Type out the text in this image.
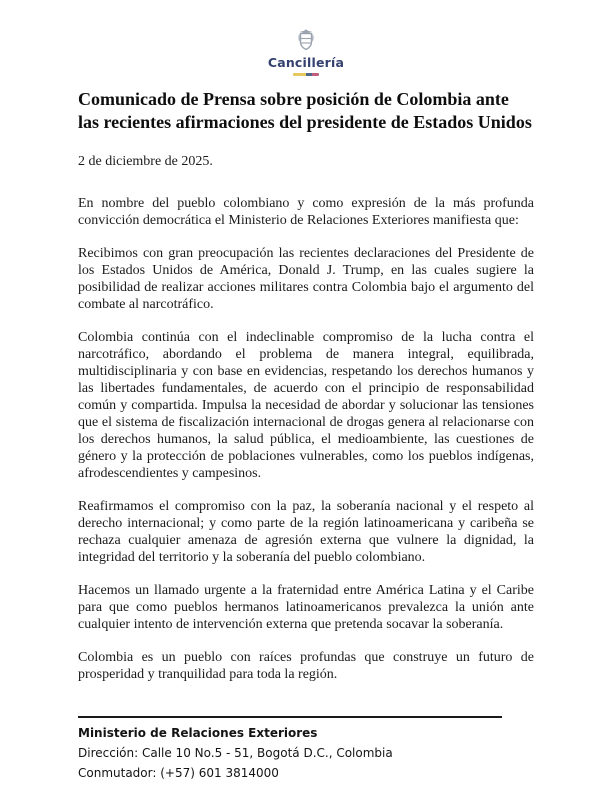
Cancillería
Comunicado de Prensa sobre posición de Colombia ante las recientes afirmaciones del presidente de Estados Unidos

2 de diciembre de 2025.

En nombre del pueblo colombiano y como expresión de la más profunda convicción democrática el Ministerio de Relaciones Exteriores manifiesta que:

Recibimos con gran preocupación las recientes declaraciones del Presidente de los Estados Unidos de América, Donald J. Trump, en las cuales sugiere la posibilidad de realizar acciones militares contra Colombia bajo el argumento del combate al narcotráfico.

Colombia continúa con el indeclinable compromiso de la lucha contra el narcotráfico, abordando el problema de manera integral, equilibrada, multidisciplinaria y con base en evidencias, respetando los derechos humanos y las libertades fundamentales, de acuerdo con el principio de responsabilidad común y compartida. Impulsa la necesidad de abordar y solucionar las tensiones que el sistema de fiscalización internacional de drogas genera al relacionarse con los derechos humanos, la salud pública, el medioambiente, las cuestiones de género y la protección de poblaciones vulnerables, como los pueblos indígenas, afrodescendientes y campesinos.

Reafirmamos el compromiso con la paz, la soberanía nacional y el respeto al derecho internacional; y como parte de la región latinoamericana y caribeña se rechaza cualquier amenaza de agresión externa que vulnere la dignidad, la integridad del territorio y la soberanía del pueblo colombiano.

Hacemos un llamado urgente a la fraternidad entre América Latina y el Caribe para que como pueblos hermanos latinoamericanos prevalezca la unión ante cualquier intento de intervención externa que pretenda socavar la soberanía.

Colombia es un pueblo con raíces profundas que construye un futuro de prosperidad y tranquilidad para toda la región.

Ministerio de Relaciones Exteriores
Dirección: Calle 10 No.5 - 51, Bogotá D.C., Colombia
Conmutador: (+57) 601 3814000
